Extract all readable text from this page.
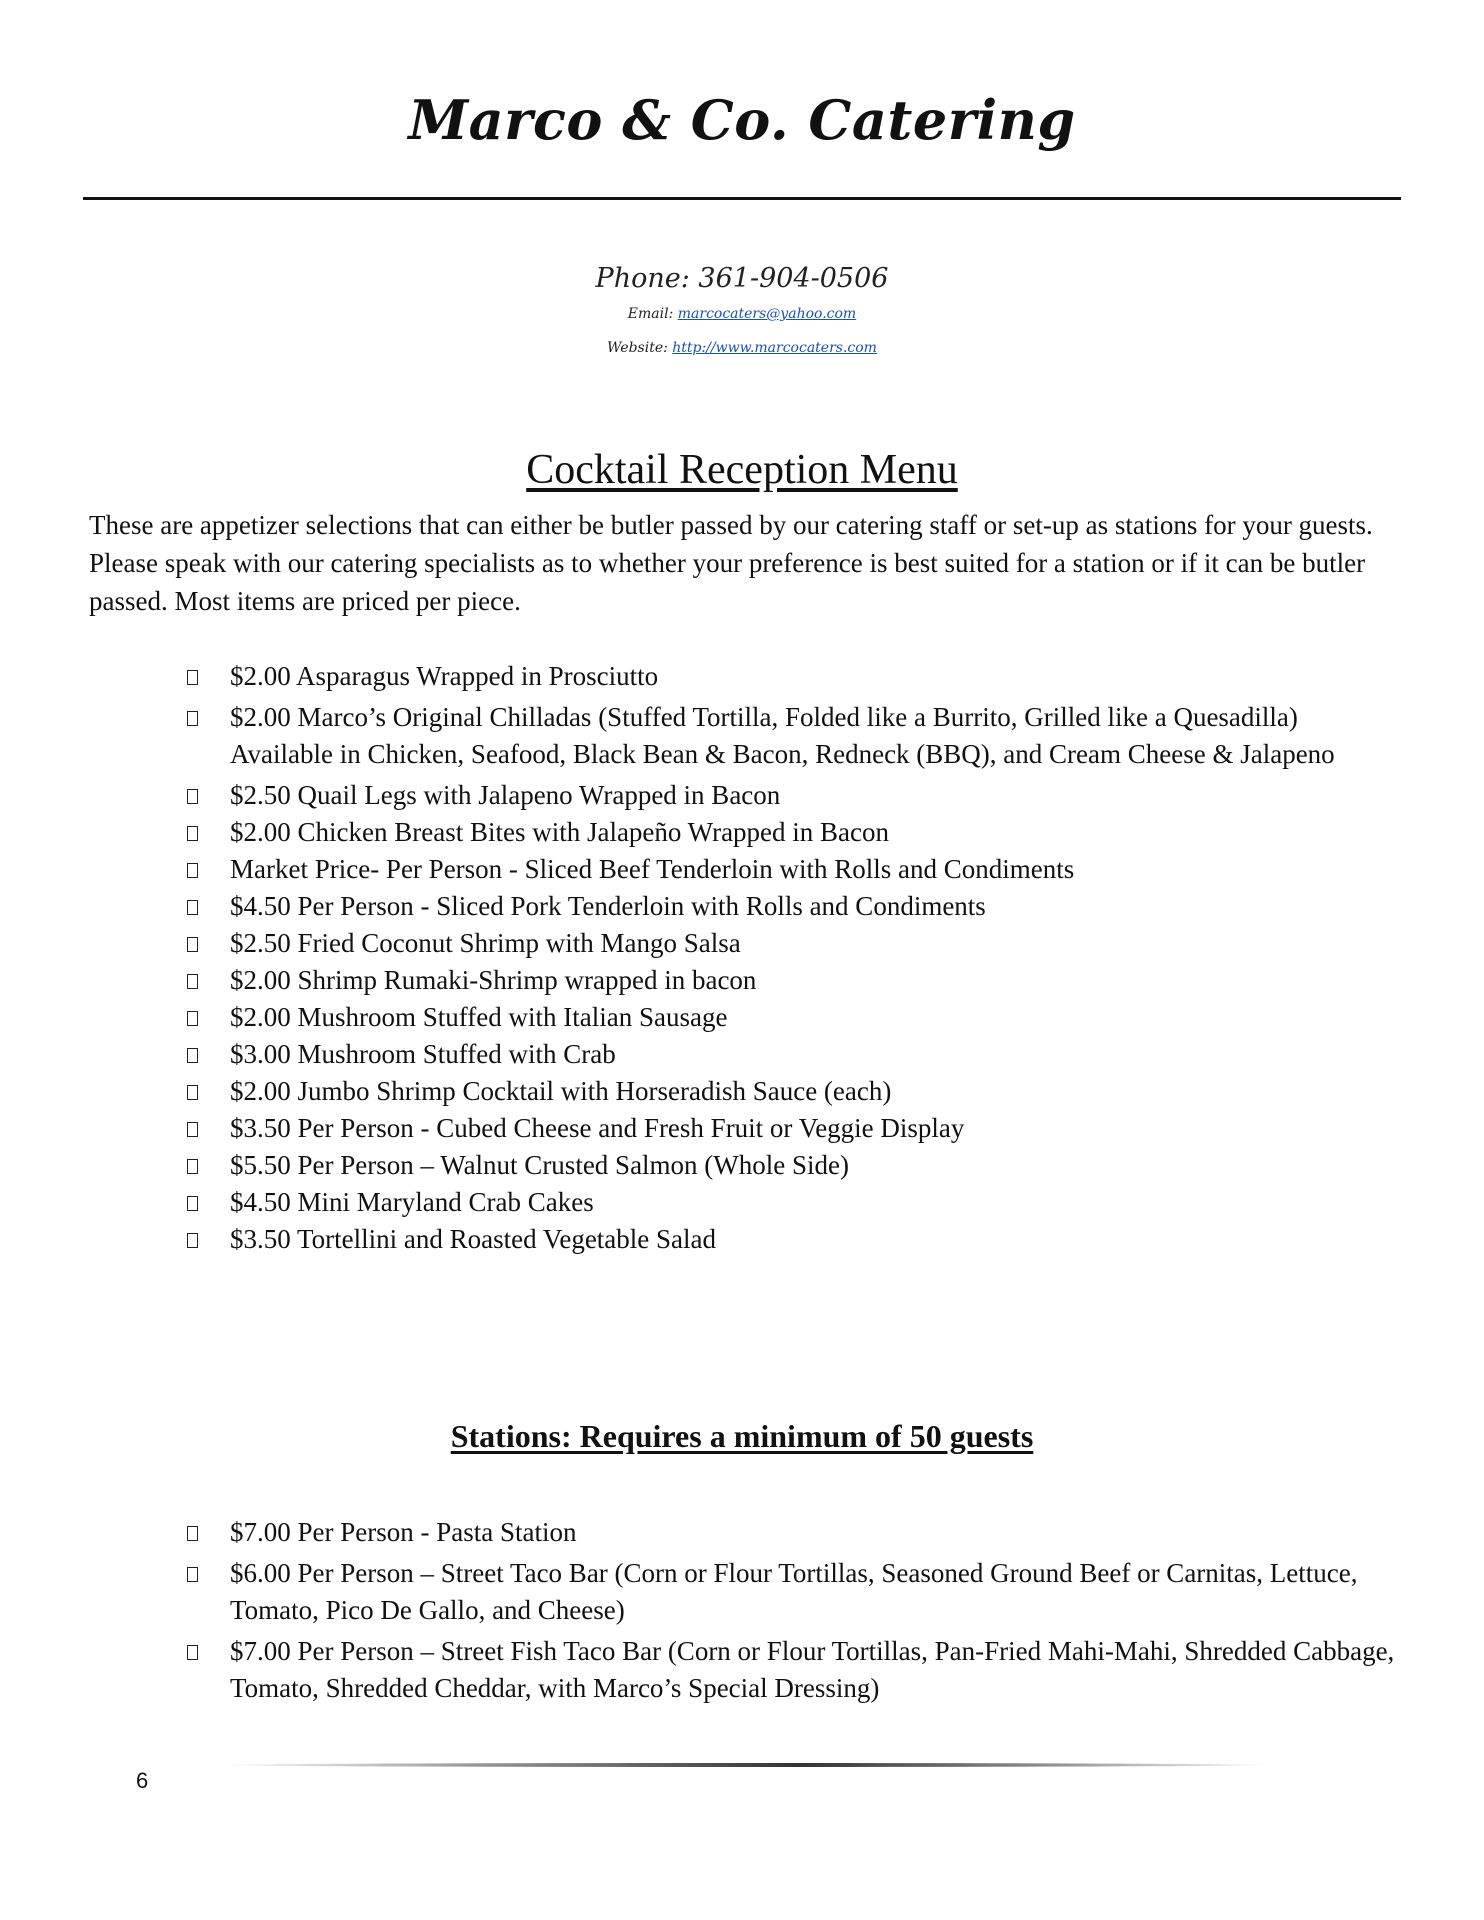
Marco & Co. Catering
Phone: 361-904-0506
Email: marcocaters@yahoo.com
Website: http://www.marcocaters.com
Cocktail Reception Menu

These are appetizer selections that can either be butler passed by our catering staff or set-up as stations for your guests. Please speak with our catering specialists as to whether your preference is best suited for a station or if it can be butler passed. Most items are priced per piece.

$2.00 Asparagus Wrapped in Prosciutto
$2.00 Marco’s Original Chilladas (Stuffed Tortilla, Folded like a Burrito, Grilled like a Quesadilla) Available in Chicken, Seafood, Black Bean & Bacon, Redneck (BBQ), and Cream Cheese & Jalapeno
$2.50 Quail Legs with Jalapeno Wrapped in Bacon
$2.00 Chicken Breast Bites with Jalapeño Wrapped in Bacon
Market Price- Per Person - Sliced Beef Tenderloin with Rolls and Condiments
$4.50 Per Person - Sliced Pork Tenderloin with Rolls and Condiments
$2.50 Fried Coconut Shrimp with Mango Salsa
$2.00 Shrimp Rumaki-Shrimp wrapped in bacon
$2.00 Mushroom Stuffed with Italian Sausage
$3.00 Mushroom Stuffed with Crab
$2.00 Jumbo Shrimp Cocktail with Horseradish Sauce (each)
$3.50 Per Person - Cubed Cheese and Fresh Fruit or Veggie Display
$5.50 Per Person – Walnut Crusted Salmon (Whole Side)
$4.50 Mini Maryland Crab Cakes
$3.50 Tortellini and Roasted Vegetable Salad
Stations: Requires a minimum of 50 guests
$7.00 Per Person - Pasta Station
$6.00 Per Person – Street Taco Bar (Corn or Flour Tortillas, Seasoned Ground Beef or Carnitas, Lettuce, Tomato, Pico De Gallo, and Cheese)
$7.00 Per Person – Street Fish Taco Bar (Corn or Flour Tortillas, Pan-Fried Mahi-Mahi, Shredded Cabbage, Tomato, Shredded Cheddar, with Marco’s Special Dressing)
6
